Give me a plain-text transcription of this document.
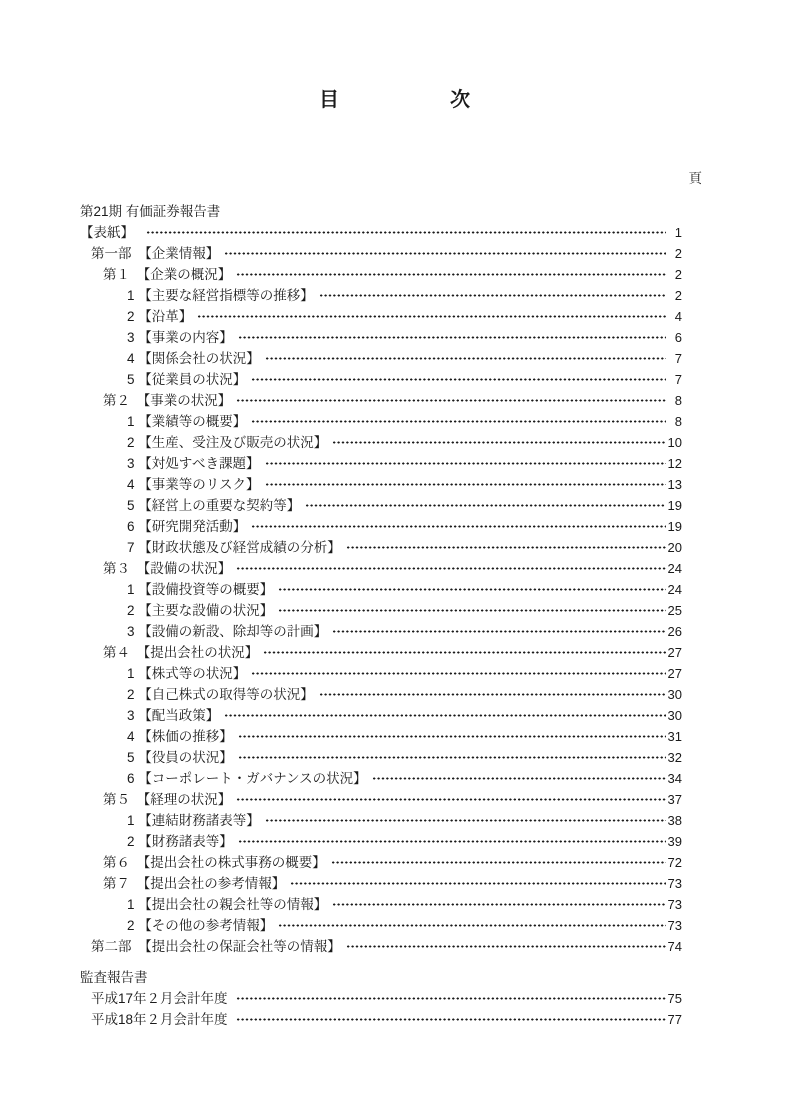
目	次
頁
第21期 有価証券報告書
【表紙】　	1
第一部　【企業情報】	2
第１　【企業の概況】	2
1 【主要な経営指標等の推移】	2
2 【沿革】	4
3 【事業の内容】	6
4 【関係会社の状況】	7
5 【従業員の状況】	7
第２　【事業の状況】	8
1 【業績等の概要】	8
2 【生産、受注及び販売の状況】	10
3 【対処すべき課題】	12
4 【事業等のリスク】	13
5 【経営上の重要な契約等】	19
6 【研究開発活動】	19
7 【財政状態及び経営成績の分析】	20
第３　【設備の状況】	24
1 【設備投資等の概要】	24
2 【主要な設備の状況】	25
3 【設備の新設、除却等の計画】	26
第４　【提出会社の状況】	27
1 【株式等の状況】	27
2 【自己株式の取得等の状況】	30
3 【配当政策】	30
4 【株価の推移】	31
5 【役員の状況】	32
6 【コーポレート・ガバナンスの状況】	34
第５　【経理の状況】	37
1 【連結財務諸表等】	38
2 【財務諸表等】	39
第６　【提出会社の株式事務の概要】	72
第７　【提出会社の参考情報】	73
1 【提出会社の親会社等の情報】	73
2 【その他の参考情報】	73
第二部　【提出会社の保証会社等の情報】	74
監査報告書
平成17年２月会計年度	75
平成18年２月会計年度	77
